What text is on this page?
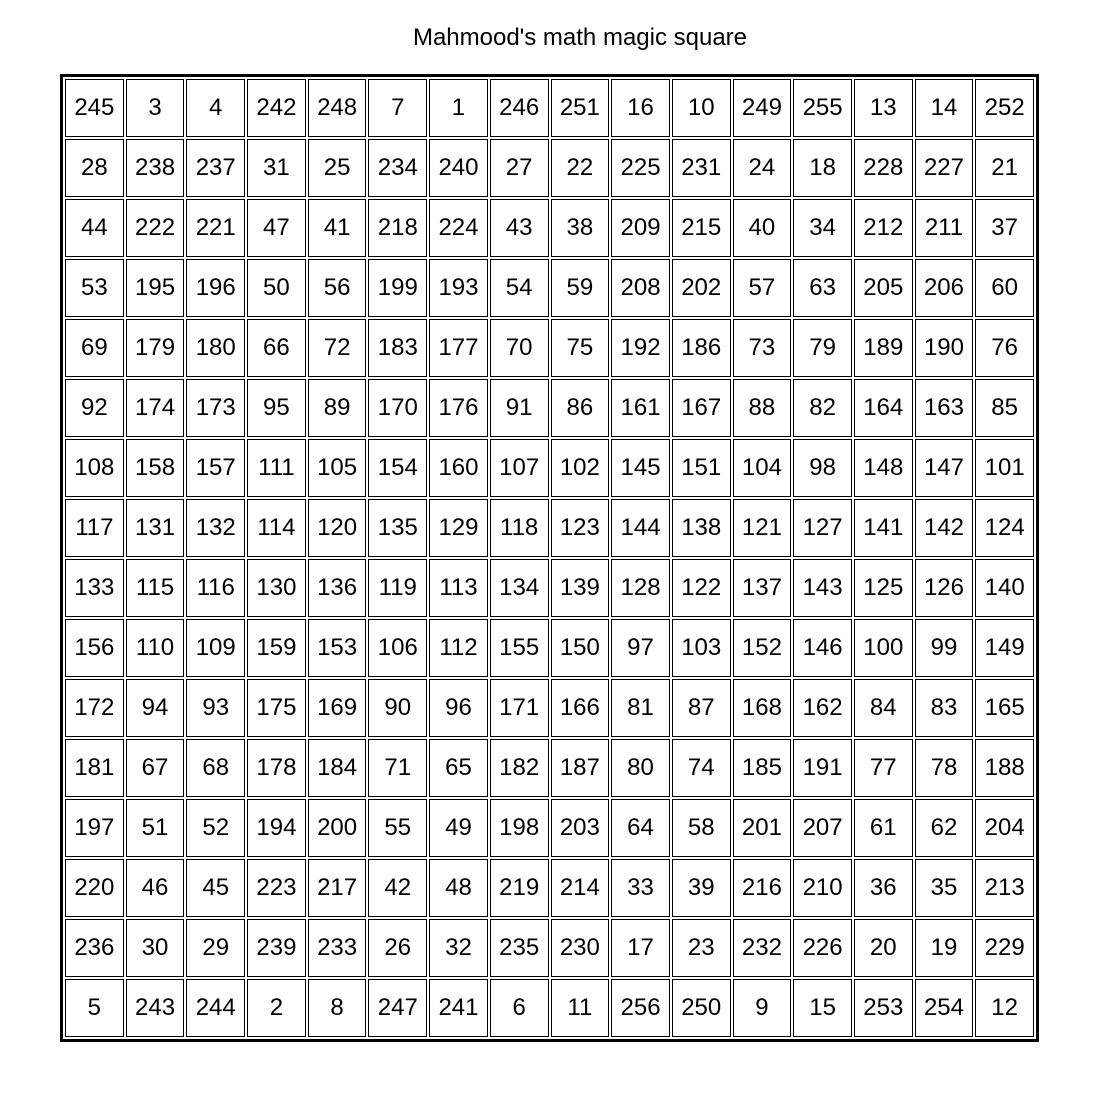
Mahmood's math magic square
245	3	4	242	248	7	1	246	251	16	10	249	255	13	14	252
28	238	237	31	25	234	240	27	22	225	231	24	18	228	227	21
44	222	221	47	41	218	224	43	38	209	215	40	34	212	211	37
53	195	196	50	56	199	193	54	59	208	202	57	63	205	206	60
69	179	180	66	72	183	177	70	75	192	186	73	79	189	190	76
92	174	173	95	89	170	176	91	86	161	167	88	82	164	163	85
108	158	157	111	105	154	160	107	102	145	151	104	98	148	147	101
117	131	132	114	120	135	129	118	123	144	138	121	127	141	142	124
133	115	116	130	136	119	113	134	139	128	122	137	143	125	126	140
156	110	109	159	153	106	112	155	150	97	103	152	146	100	99	149
172	94	93	175	169	90	96	171	166	81	87	168	162	84	83	165
181	67	68	178	184	71	65	182	187	80	74	185	191	77	78	188
197	51	52	194	200	55	49	198	203	64	58	201	207	61	62	204
220	46	45	223	217	42	48	219	214	33	39	216	210	36	35	213
236	30	29	239	233	26	32	235	230	17	23	232	226	20	19	229
5	243	244	2	8	247	241	6	11	256	250	9	15	253	254	12
